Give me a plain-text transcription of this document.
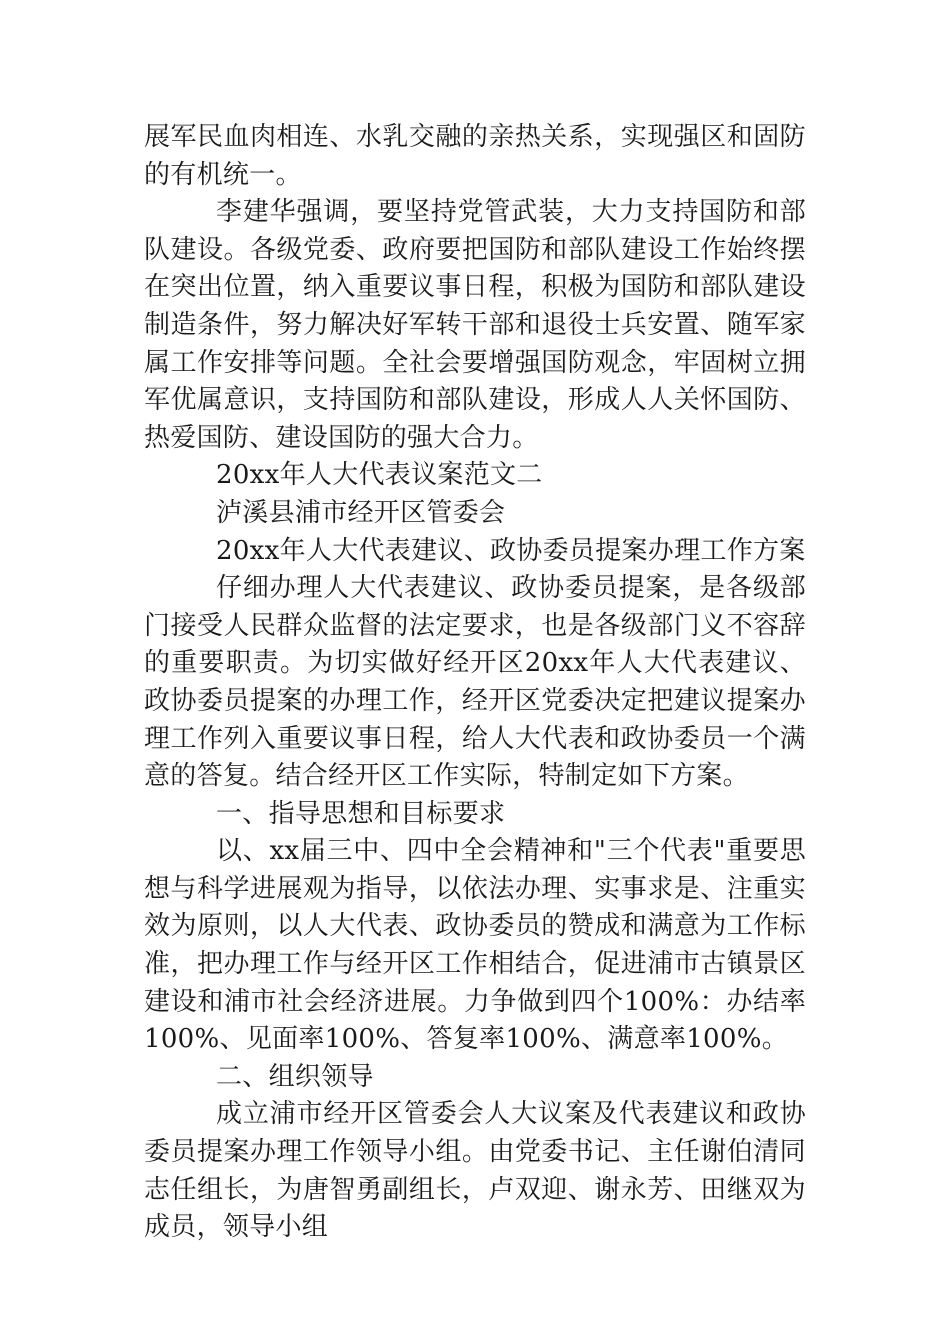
展军民血肉相连、水乳交融的亲热关系，实现强区和固防的有机统一。

李建华强调，要坚持党管武装，大力支持国防和部队建设。各级党委、政府要把国防和部队建设工作始终摆在突出位置，纳入重要议事日程，积极为国防和部队建设制造条件，努力解决好军转干部和退役士兵安置、随军家属工作安排等问题。全社会要增强国防观念，牢固树立拥军优属意识，支持国防和部队建设，形成人人关怀国防、热爱国防、建设国防的强大合力。

20xx年人大代表议案范文二

泸溪县浦市经开区管委会

20xx年人大代表建议、政协委员提案办理工作方案

仔细办理人大代表建议、政协委员提案，是各级部门接受人民群众监督的法定要求，也是各级部门义不容辞的重要职责。为切实做好经开区20xx年人大代表建议、政协委员提案的办理工作，经开区党委决定把建议提案办理工作列入重要议事日程，给人大代表和政协委员一个满意的答复。结合经开区工作实际，特制定如下方案。

一、指导思想和目标要求

以、xx届三中、四中全会精神和"三个代表"重要思想与科学进展观为指导，以依法办理、实事求是、注重实效为原则，以人大代表、政协委员的赞成和满意为工作标准，把办理工作与经开区工作相结合，促进浦市古镇景区建设和浦市社会经济进展。力争做到四个100%：办结率100%、见面率100%、答复率100%、满意率100%。

二、组织领导

成立浦市经开区管委会人大议案及代表建议和政协委员提案办理工作领导小组。由党委书记、主任谢伯清同志任组长，为唐智勇副组长，卢双迎、谢永芳、田继双为成员，领导小组
